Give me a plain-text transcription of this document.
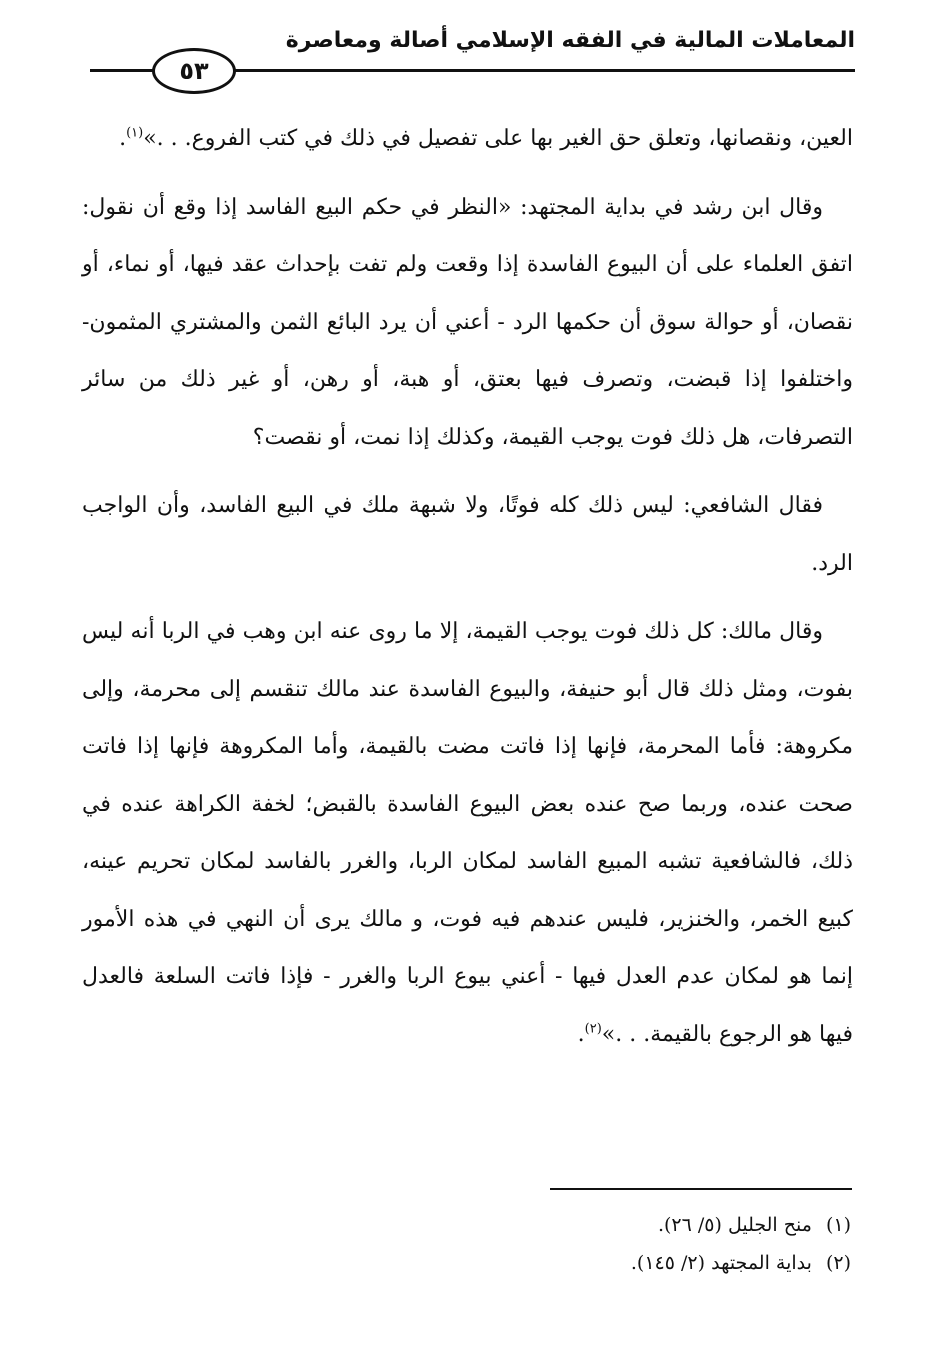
المعاملات المالية في الفقه الإسلامي أصالة ومعاصرة
٥٣

العين، ونقصانها، وتعلق حق الغير بها على تفصيل في ذلك في كتب الفروع. . .»$^{(١)}$.

وقال ابن رشد في بداية المجتهد: «النظر في حكم البيع الفاسد إذا وقع أن نقول: اتفق العلماء على أن البيوع الفاسدة إذا وقعت ولم تفت بإحداث عقد فيها، أو نماء، أو نقصان، أو حوالة سوق أن حكمها الرد - أعني أن يرد البائع الثمن والمشتري المثمون- واختلفوا إذا قبضت، وتصرف فيها بعتق، أو هبة، أو رهن، أو غير ذلك من سائر التصرفات، هل ذلك فوت يوجب القيمة، وكذلك إذا نمت، أو نقصت؟

فقال الشافعي: ليس ذلك كله فوتًا، ولا شبهة ملك في البيع الفاسد، وأن الواجب الرد.

وقال مالك: كل ذلك فوت يوجب القيمة، إلا ما روى عنه ابن وهب في الربا أنه ليس بفوت، ومثل ذلك قال أبو حنيفة، والبيوع الفاسدة عند مالك تنقسم إلى محرمة، وإلى مكروهة: فأما المحرمة، فإنها إذا فاتت مضت بالقيمة، وأما المكروهة فإنها إذا فاتت صحت عنده، وربما صح عنده بعض البيوع الفاسدة بالقبض؛ لخفة الكراهة عنده في ذلك، فالشافعية تشبه المبيع الفاسد لمكان الربا، والغرر بالفاسد لمكان تحريم عينه، كبيع الخمر، والخنزير، فليس عندهم فيه فوت، و مالك يرى أن النهي في هذه الأمور إنما هو لمكان عدم العدل فيها - أعني بيوع الربا والغرر - فإذا فاتت السلعة فالعدل فيها هو الرجوع بالقيمة. . .»$^{(٢)}$.

(١)منح الجليل (٥/ ٢٦).
(٢)بداية المجتهد (٢/ ١٤٥).
